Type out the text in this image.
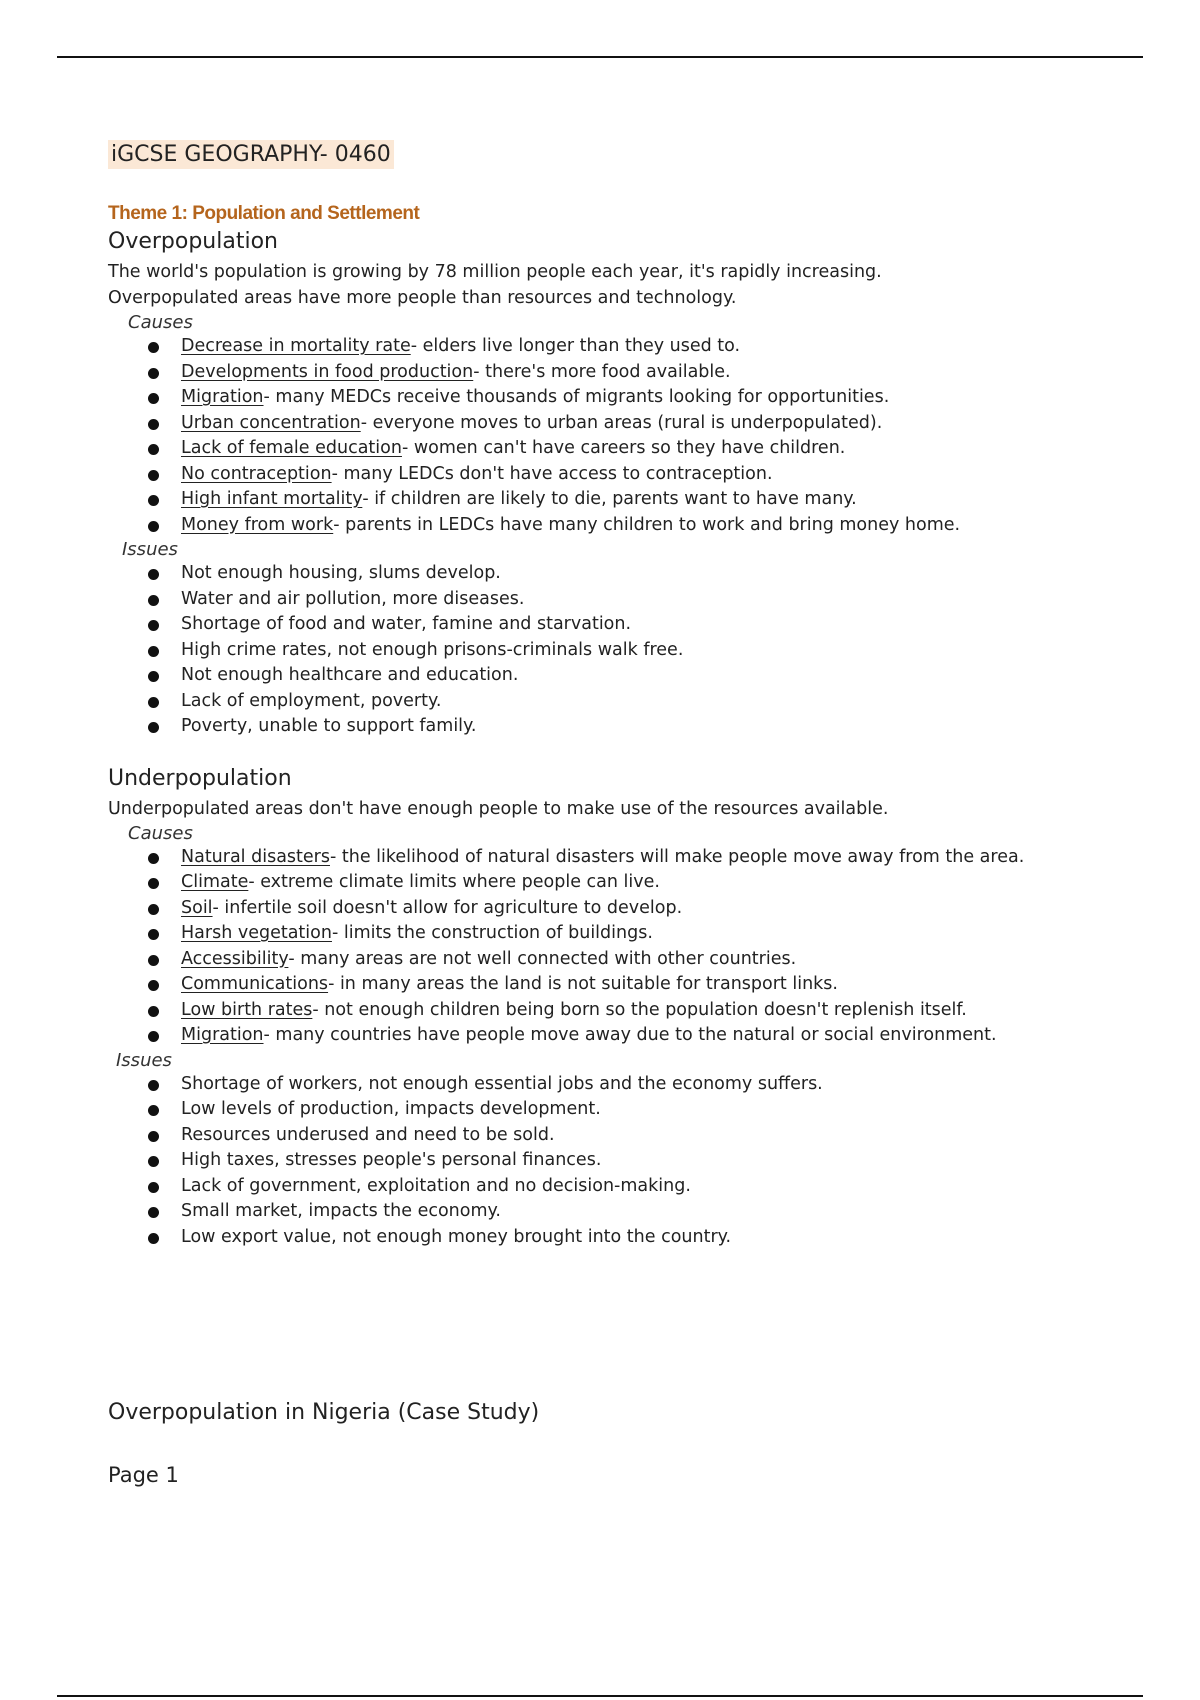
iGCSE GEOGRAPHY- 0460
Theme 1: Population and Settlement
Overpopulation

The world's population is growing by 78 million people each year, it's rapidly increasing.

Overpopulated areas have more people than resources and technology.

Causes
Decrease in mortality rate- elders live longer than they used to.
Developments in food production- there's more food available.
Migration- many MEDCs receive thousands of migrants looking for opportunities.
Urban concentration- everyone moves to urban areas (rural is underpopulated).
Lack of female education- women can't have careers so they have children.
No contraception- many LEDCs don't have access to contraception.
High infant mortality- if children are likely to die, parents want to have many.
Money from work- parents in LEDCs have many children to work and bring money home.
Issues
Not enough housing, slums develop.
Water and air pollution, more diseases.
Shortage of food and water, famine and starvation.
High crime rates, not enough prisons-criminals walk free.
Not enough healthcare and education.
Lack of employment, poverty.
Poverty, unable to support family.
Underpopulation

Underpopulated areas don't have enough people to make use of the resources available.

Causes
Natural disasters- the likelihood of natural disasters will make people move away from the area.
Climate- extreme climate limits where people can live.
Soil- infertile soil doesn't allow for agriculture to develop.
Harsh vegetation- limits the construction of buildings.
Accessibility- many areas are not well connected with other countries.
Communications- in many areas the land is not suitable for transport links.
Low birth rates- not enough children being born so the population doesn't replenish itself.
Migration- many countries have people move away due to the natural or social environment.
Issues
Shortage of workers, not enough essential jobs and the economy suffers.
Low levels of production, impacts development.
Resources underused and need to be sold.
High taxes, stresses people's personal finances.
Lack of government, exploitation and no decision-making.
Small market, impacts the economy.
Low export value, not enough money brought into the country.
Overpopulation in Nigeria (Case Study)
Page 1
